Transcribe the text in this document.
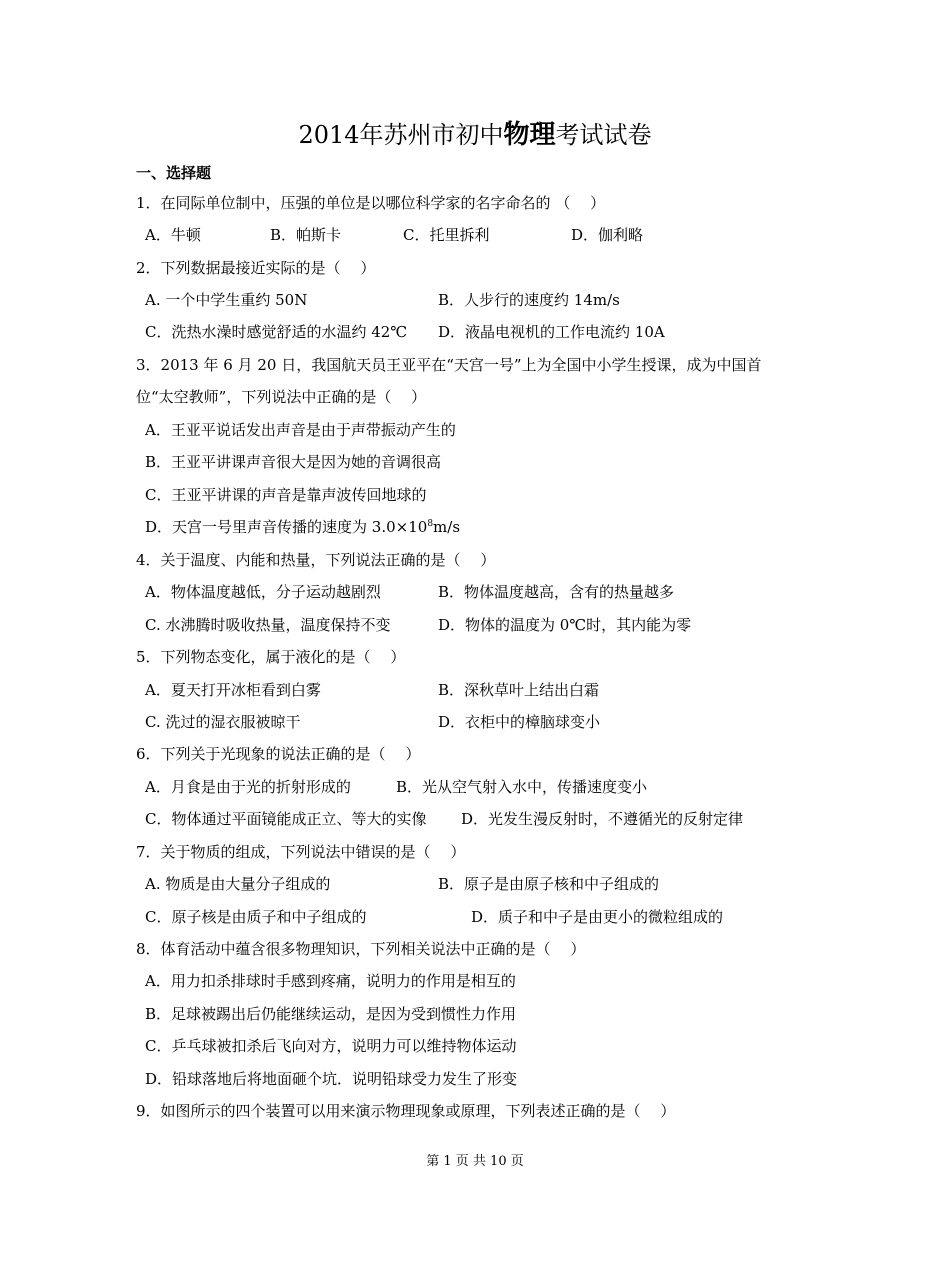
2014年苏州市初中物理考试试卷
一、选择题
1．在同际单位制中，压强的单位是以哪位科学家的名字命名的 （　 ）
A．牛顿	B．帕斯卡	C．托里拆利	D．伽利略
2．下列数据最接近实际的是（　 ）
A. 一个中学生重约 50N	B．人步行的速度约 14m/s
C．洗热水澡时感觉舒适的水温约 42℃ D．液晶电视机的工作电流约 10A
3．2013 年 6 月 20 日，我国航天员王亚平在“天宫一号”上为全国中小学生授课，成为中国首
位“太空教师”，下列说法中正确的是（　 ）
A．王亚平说话发出声音是由于声带振动产生的
B．王亚平讲课声音很大是因为她的音调很高
C．王亚平讲课的声音是靠声波传回地球的
D．天宫一号里声音传播的速度为 $3.0\times 10^8m/s$
4．关于温度、内能和热量，下列说法正确的是（　 ）
A．物体温度越低，分子运动越剧烈	B．物体温度越高，含有的热量越多
C. 水沸腾时吸收热量，温度保持不变	D．物体的温度为 0℃时，其内能为零
5．下列物态变化，属于液化的是（　 ）
A．夏天打开冰柜看到白雾	B．深秋草叶上结出白霜
C. 洗过的湿衣服被晾干	D．衣柜中的樟脑球变小
6．下列关于光现象的说法正确的是（　 ）
A．月食是由于光的折射形成的	B．光从空气射入水中，传播速度变小
C．物体通过平面镜能成正立、等大的实像 D．光发生漫反射时，不遵循光的反射定律
7．关于物质的组成，下列说法中错误的是（　 ）
A. 物质是由大量分子组成的	B．原子是由原子核和中子组成的
C．原子核是由质子和中子组成的	D．质子和中子是由更小的微粒组成的
8．体育活动中蕴含很多物理知识，下列相关说法中正确的是（　 ）
A．用力扣杀排球时手感到疼痛，说明力的作用是相互的
B．足球被踢出后仍能继续运动，是因为受到惯性力作用
C．乒乓球被扣杀后飞向对方，说明力可以维持物体运动
D．铅球落地后将地面砸个坑．说明铅球受力发生了形变
9．如图所示的四个装置可以用来演示物理现象或原理，下列表述正确的是（　 ）
第 1 页 共 10 页
